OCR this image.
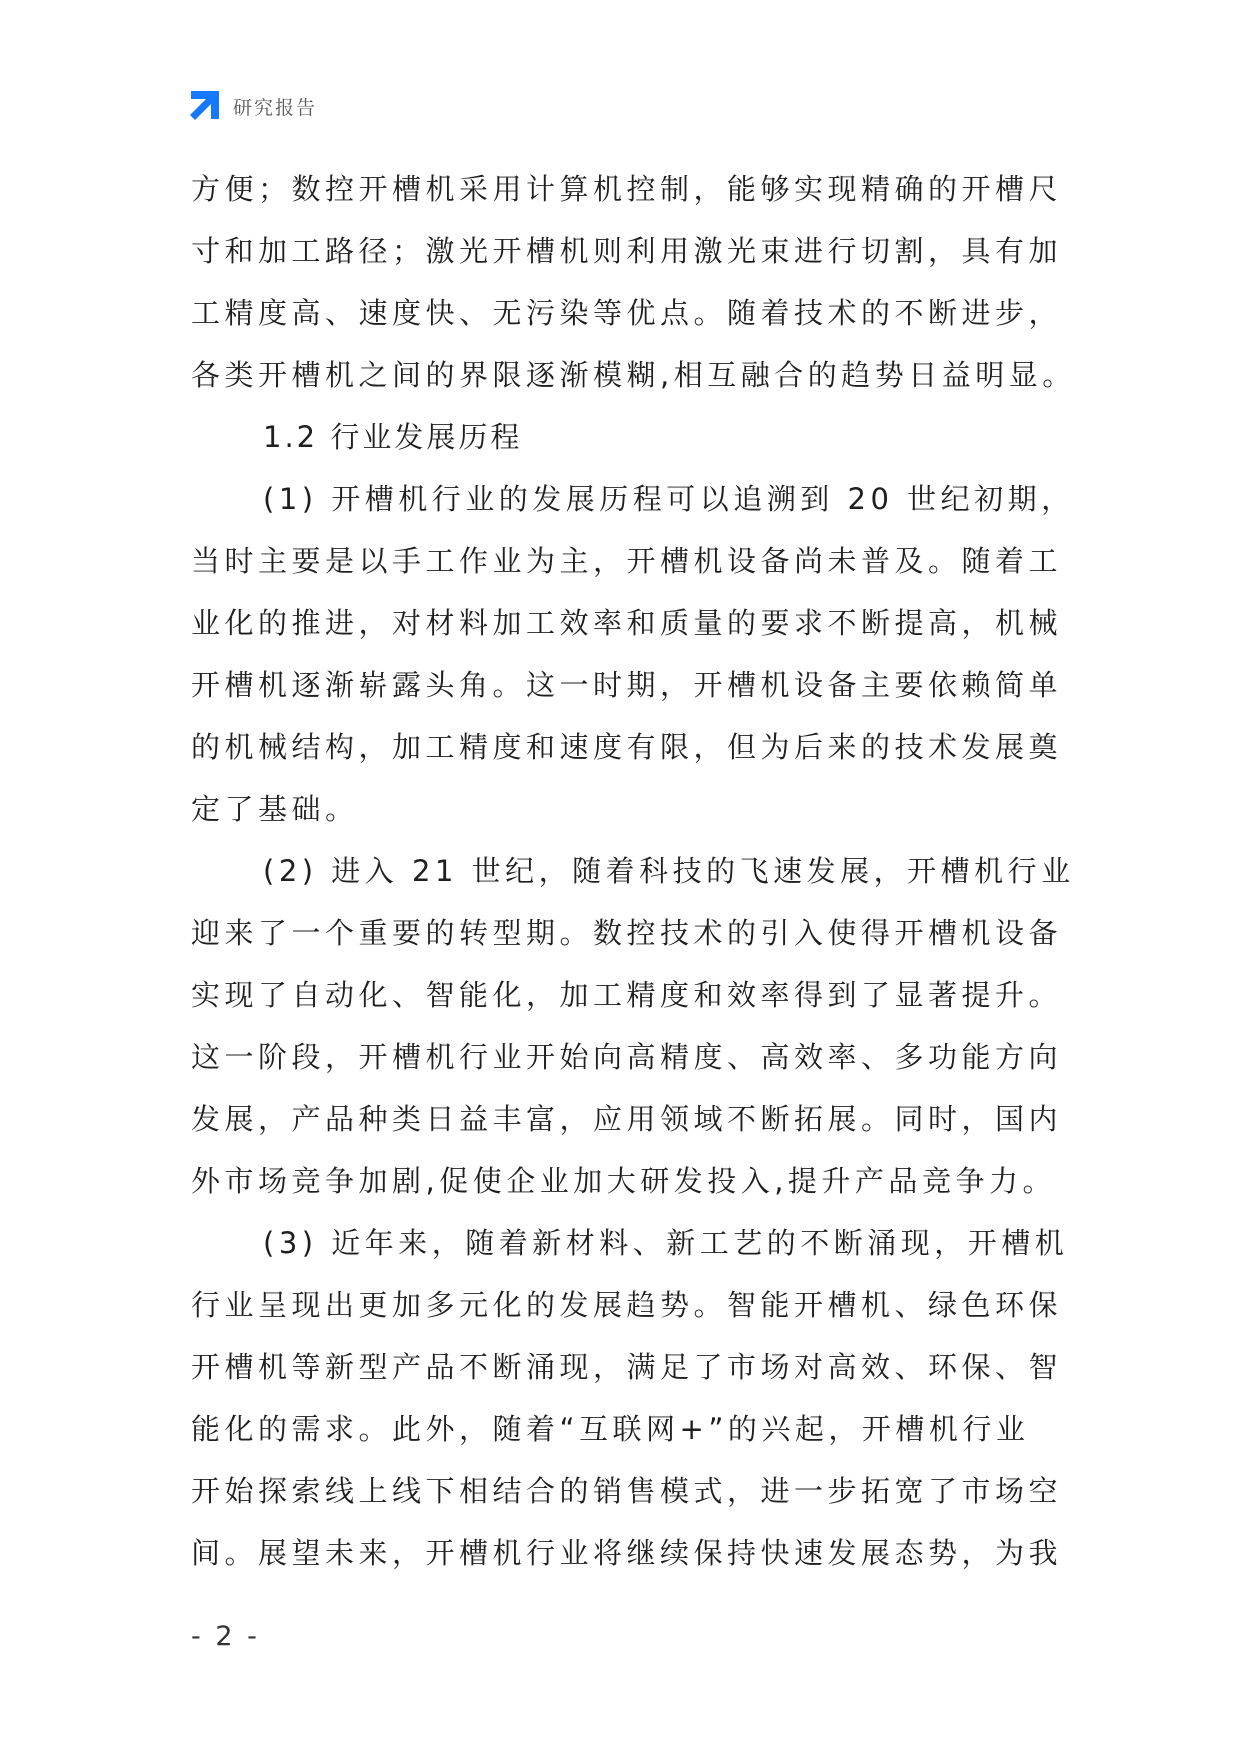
研究报告
方便；数控开槽机采用计算机控制，能够实现精确的开槽尺
寸和加工路径；激光开槽机则利用激光束进行切割，具有加
工精度高、速度快、无污染等优点。随着技术的不断进步，
各类开槽机之间的界限逐渐模糊,相互融合的趋势日益明显。
1.2 行业发展历程
(1) 开槽机行业的发展历程可以追溯到 20 世纪初期，
当时主要是以手工作业为主，开槽机设备尚未普及。随着工
业化的推进，对材料加工效率和质量的要求不断提高，机械
开槽机逐渐崭露头角。这一时期，开槽机设备主要依赖简单
的机械结构，加工精度和速度有限，但为后来的技术发展奠
定了基础。
(2) 进入 21 世纪，随着科技的飞速发展，开槽机行业
迎来了一个重要的转型期。数控技术的引入使得开槽机设备
实现了自动化、智能化，加工精度和效率得到了显著提升。
这一阶段，开槽机行业开始向高精度、高效率、多功能方向
发展，产品种类日益丰富，应用领域不断拓展。同时，国内
外市场竞争加剧,促使企业加大研发投入,提升产品竞争力。
(3) 近年来，随着新材料、新工艺的不断涌现，开槽机
行业呈现出更加多元化的发展趋势。智能开槽机、绿色环保
开槽机等新型产品不断涌现，满足了市场对高效、环保、智
能化的需求。此外，随着“互联网+”的兴起，开槽机行业
开始探索线上线下相结合的销售模式，进一步拓宽了市场空
间。展望未来，开槽机行业将继续保持快速发展态势，为我
- 2 -
